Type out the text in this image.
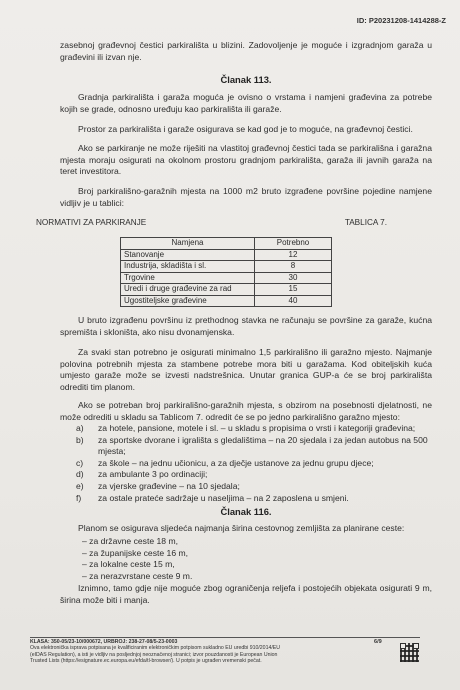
ID: P20231208-1414288-Z

zasebnoj građevnoj čestici parkirališta u blizini. Zadovoljenje je moguće i izgradnjom garaža u građevini ili izvan nje.

Članak 113.

Gradnja parkirališta i garaža moguća je ovisno o vrstama i namjeni građevina za potrebe kojih se grade, odnosno uređuju kao parkirališta ili garaže.

Prostor za parkirališta i garaže osigurava se kad god je to moguće, na građevnoj čestici.

Ako se parkiranje ne može riješiti na vlastitoj građevnoj čestici tada se parkirališna i garažna mjesta moraju osigurati na okolnom prostoru gradnjom parkirališta, garaža ili javnih garaža na teret investitora.

Broj parkirališno-garažnih mjesta na 1000 m2 bruto izgrađene površine pojedine namjene vidljiv je u tablici:

NORMATIVI ZA PARKIRANJE	TABLICA 7.
Namjena	Potrebno
Stanovanje	12
Industrija, skladišta i sl.	8
Trgovine	30
Uredi i druge građevine za rad	15
Ugostiteljske građevine	40

U bruto izgrađenu površinu iz prethodnog stavka ne računaju se površine za garaže, kućna spremišta i skloništa, ako nisu dvonamjenska.

Za svaki stan potrebno je osigurati minimalno 1,5 parkirališno ili garažno mjesto. Najmanje polovina potrebnih mjesta za stambene potrebe mora biti u garažama. Kod obiteljskih kuća umjesto garaže može se izvesti nadstrešnica. Unutar granica GUP-a će se broj parkirališta odrediti tim planom.

Ako se potreban broj parkirališno-garažnih mjesta, s obzirom na posebnosti djelatnosti, ne može odrediti u skladu sa Tablicom 7. odredit će se po jedno parkirališno garažno mjesto:

a) za hotele, pansione, motele i sl. – u skladu s propisima o vrsti i kategoriji građevina;
b) za sportske dvorane i igrališta s gledalištima – na 20 sjedala i za jedan autobus na 500 mjesta;
c) za škole – na jednu učionicu, a za dječje ustanove za jednu grupu djece;
d) za ambulante 3 po ordinaciji;
e) za vjerske građevine – na 10 sjedala;
f) za ostale prateće sadržaje u naseljima – na 2 zaposlena u smjeni.
Članak 116.

Planom se osigurava sljedeća najmanja širina cestovnog zemljišta za planirane ceste:

– za državne ceste 18 m,
– za županijske ceste 16 m,
– za lokalne ceste 15 m,
– za nerazvrstane ceste 9 m.

Iznimno, tamo gdje nije moguće zbog ograničenja reljefa i postojećih objekata osigurati 9 m, širina može biti i manja.

KLASA: 350-05/23-10/000672, URBROJ: 238-27-08/5-23-0003
Ova elektronička isprava potpisana je kvalificiranim elektroničkim potpisom sukladno EU uredbi 910/2014/EU
(eIDAS Regulation), a isti je vidljiv na posljednjoj neoznačenoj stranici; izvor pouzdanosti je European Union
Trusted Lists (https://esignature.ec.europa.eu/efda/tl-browser/). U potpis je ugrađen vremenski pečat.
6/9
